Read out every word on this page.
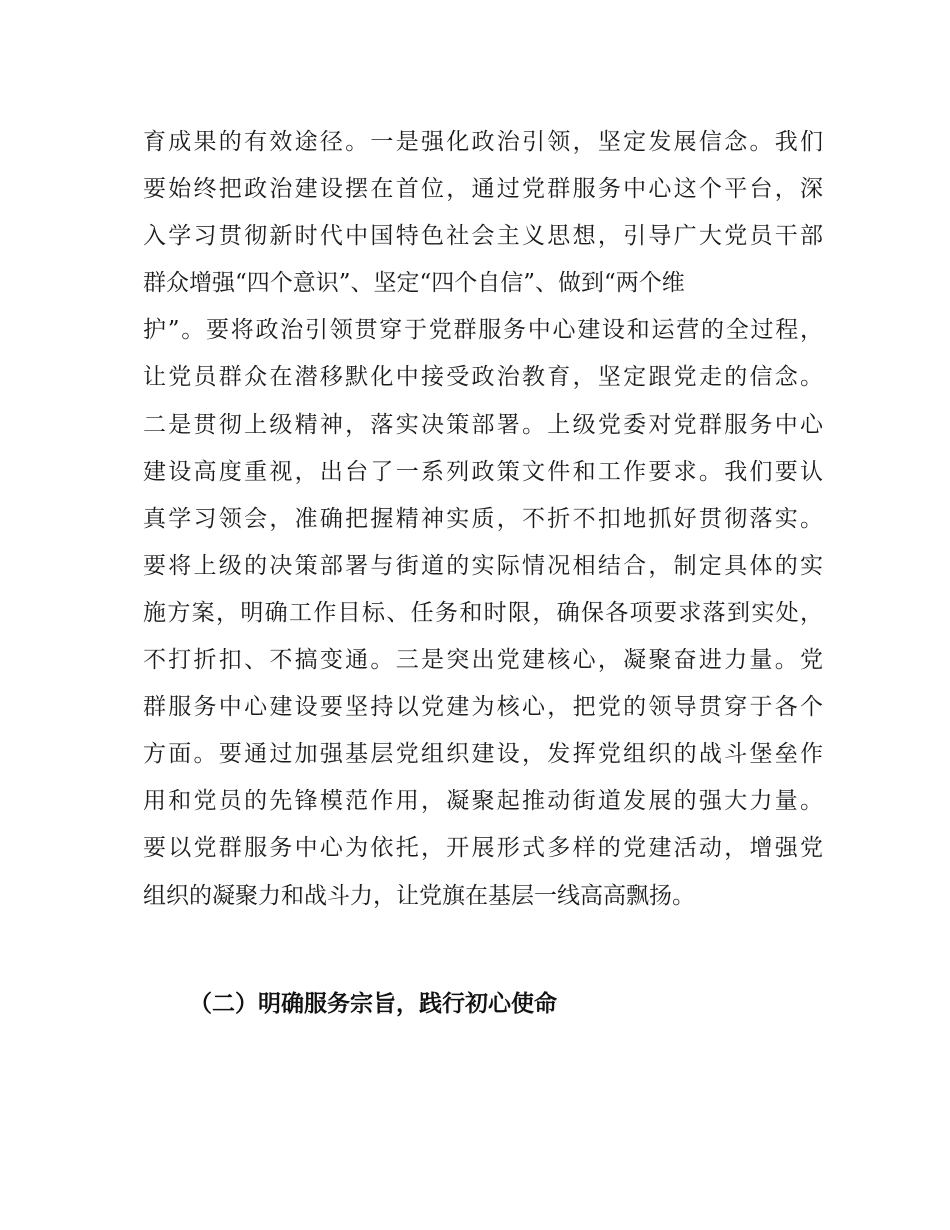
育成果的有效途径。一是强化政治引领，坚定发展信念。我们
要始终把政治建设摆在首位，通过党群服务中心这个平台，深
入学习贯彻新时代中国特色社会主义思想，引导广大党员干部
群众增强“四个意识”、坚定“四个自信”、做到“两个维
护”。要将政治引领贯穿于党群服务中心建设和运营的全过程，
让党员群众在潜移默化中接受政治教育，坚定跟党走的信念。
二是贯彻上级精神，落实决策部署。上级党委对党群服务中心
建设高度重视，出台了一系列政策文件和工作要求。我们要认
真学习领会，准确把握精神实质，不折不扣地抓好贯彻落实。
要将上级的决策部署与街道的实际情况相结合，制定具体的实
施方案，明确工作目标、任务和时限，确保各项要求落到实处，
不打折扣、不搞变通。三是突出党建核心，凝聚奋进力量。党
群服务中心建设要坚持以党建为核心，把党的领导贯穿于各个
方面。要通过加强基层党组织建设，发挥党组织的战斗堡垒作
用和党员的先锋模范作用，凝聚起推动街道发展的强大力量。
要以党群服务中心为依托，开展形式多样的党建活动，增强党
组织的凝聚力和战斗力，让党旗在基层一线高高飘扬。
（二）明确服务宗旨，践行初心使命
